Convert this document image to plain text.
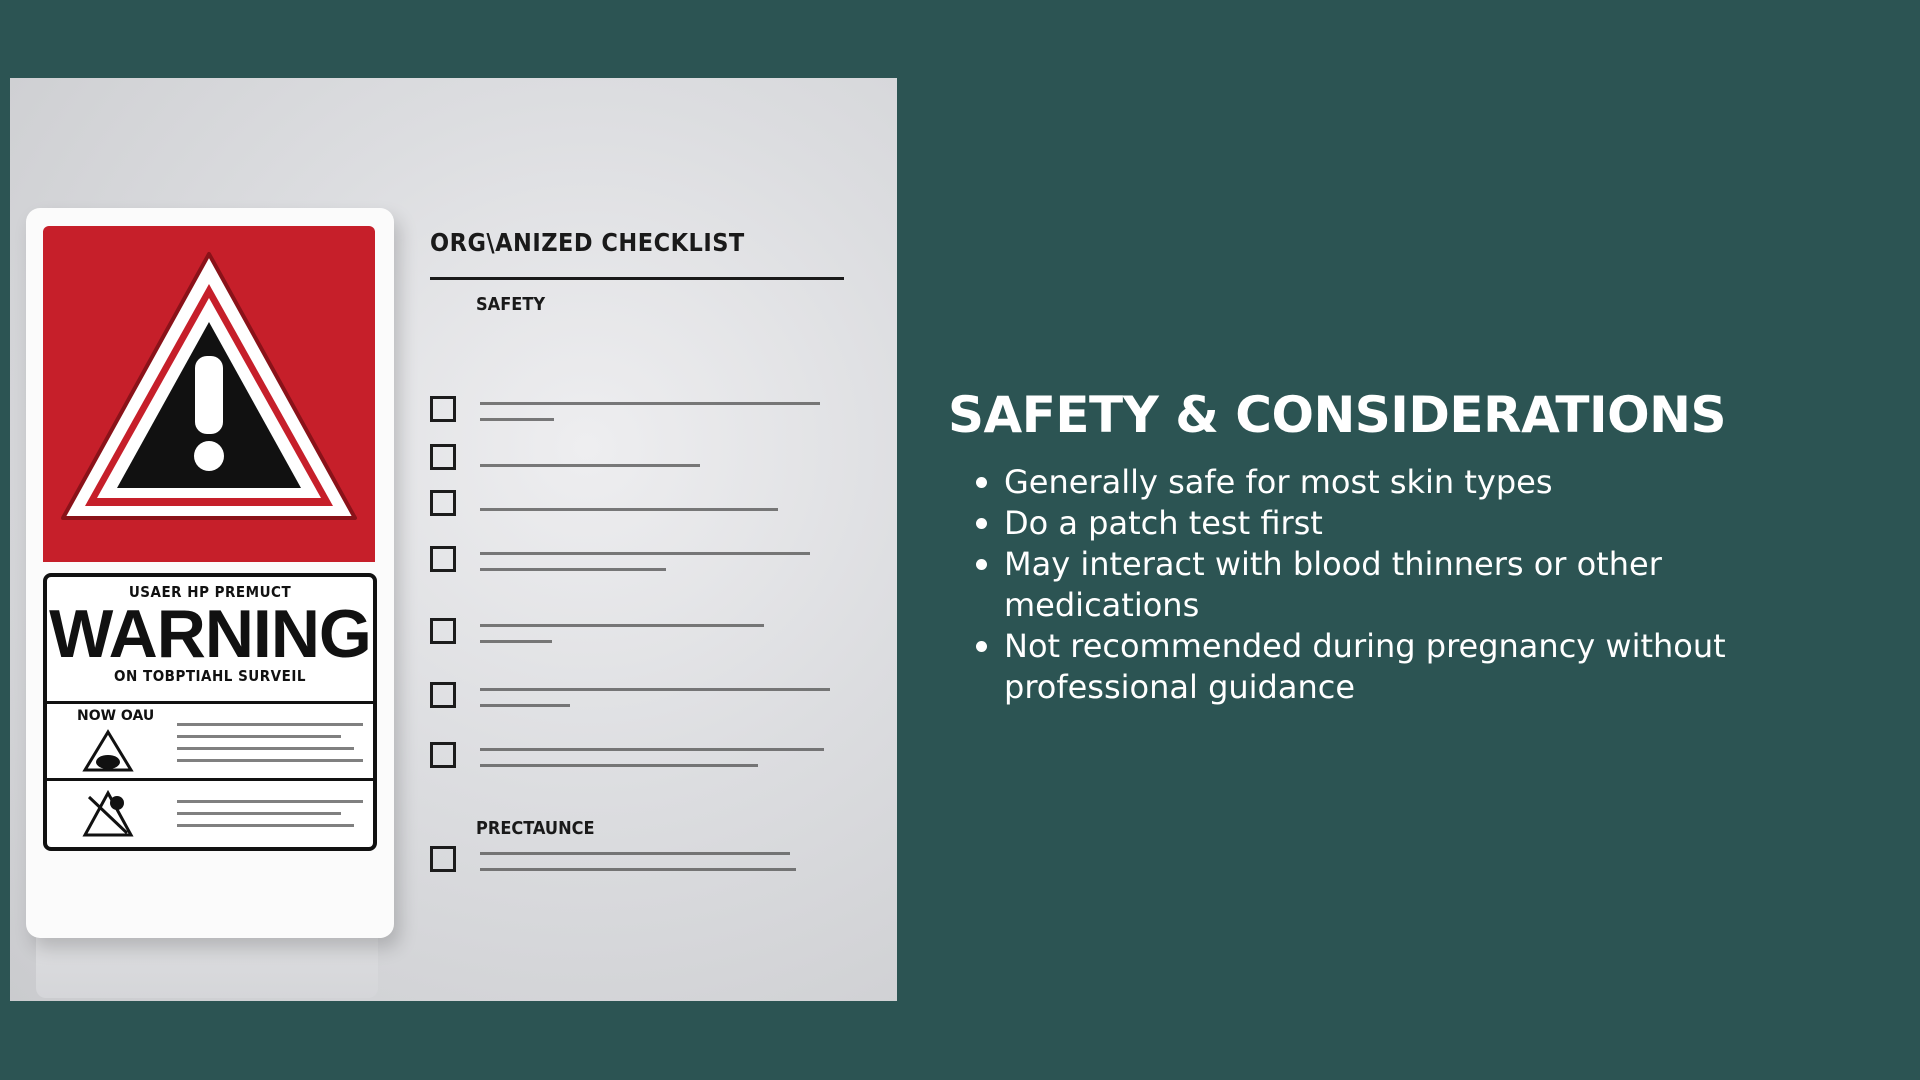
USAER HP PREMUCT
WARNING
ON TOBPTIAHL SURVEIL
NOW OAU
ORG\ANIZED CHECKLIST
SAFETY
PRECTAUNCE
SAFETY & CONSIDERATIONS
Generally safe for most skin types
Do a patch test first
May interact with blood thinners or other medications
Not recommended during pregnancy without professional guidance
